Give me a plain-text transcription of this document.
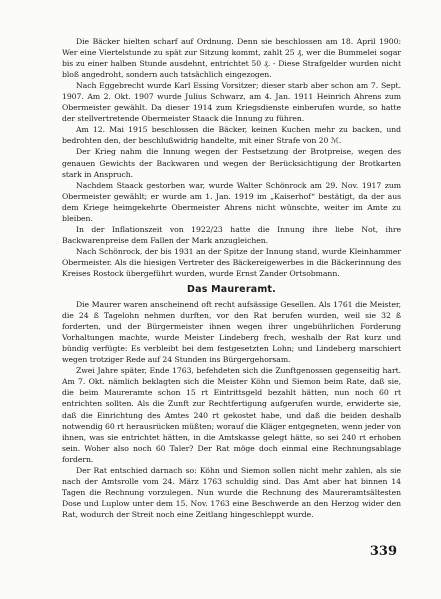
Die Bäcker hielten scharf auf Ordnung. Denn sie beschlossen am 18. April 1900: Wer eine Viertelstunde zu spät zur Sitzung kommt, zahlt 25 ₰, wer die Bummelei sogar bis zu einer halben Stunde ausdehnt, entrichtet 50 ₰. - Diese Strafgelder wurden nicht bloß angedroht, sondern auch tatsächlich eingezogen.

Nach Eggebrecht wurde Karl Essing Vorsitzer; dieser starb aber schon am 7. Sept. 1907. Am 2. Okt. 1907 wurde Julius Schwarz, am 4. Jan. 1911 Heinrich Ahrens zum Obermeister gewählt. Da dieser 1914 zum Kriegsdienste einberufen wurde, so hatte der stellvertretende Obermeister Staack die Innung zu führen.

Am 12. Mai 1915 beschlossen die Bäcker, keinen Kuchen mehr zu backen, und bedrohten den, der beschlußwidrig handelte, mit einer Strafe von 20 ℳ.

Der Krieg nahm die Innung wegen der Festsetzung der Brotpreise, wegen des genauen Gewichts der Backwaren und wegen der Berücksichtigung der Brotkarten stark in Anspruch.

Nachdem Staack gestorben war, wurde Walter Schönrock am 29. Nov. 1917 zum Obermeister gewählt; er wurde am 1. Jan. 1919 im „Kaiserhof“ bestätigt, da der aus dem Kriege heimgekehrte Obermeister Ahrens nicht wünschte, weiter im Amte zu bleiben.

In der Inflationszeit von 1922/23 hatte die Innung ihre liebe Not, ihre Backwarenpreise dem Fallen der Mark anzugleichen.

Nach Schönrock, der bis 1931 an der Spitze der Innung stand, wurde Kleinhammer Obermeister. Als die hiesigen Vertreter des Bäckereigewerbes in die Bäckerinnung des Kreises Rostock übergeführt wurden, wurde Ernst Zander Ortsobmann.

Das Maureramt.

Die Maurer waren anscheinend oft recht aufsässige Gesellen. Als 1761 die Meister, die 24 ß Tagelohn nehmen durften, vor den Rat berufen wurden, weil sie 32 ß forderten, und der Bürgermeister ihnen wegen ihrer ungebührlichen Forderung Vorhaltungen machte, wurde Meister Lindeberg frech, weshalb der Rat kurz und bündig verfügte: Es verbleibt bei dem festgesetzten Lohn; und Lindeberg marschiert wegen trotziger Rede auf 24 Stunden ins Bürgergehorsam.

Zwei Jahre später, Ende 1763, befehdeten sich die Zunftgenossen gegenseitig hart. Am 7. Okt. nämlich beklagten sich die Meister Köhn und Siemon beim Rate, daß sie, die beim Maureramte schon 15 rt Eintrittsgeld bezahlt hätten, nun noch 60 rt entrichten sollten. Als die Zunft zur Rechtfertigung aufgerufen wurde, erwiderte sie, daß die Einrichtung des Amtes 240 rt gekostet habe, und daß die beiden deshalb notwendig 60 rt herausrücken müßten; worauf die Kläger entgegneten, wenn jeder von ihnen, was sie entrichtet hätten, in die Amtskasse gelegt hätte, so sei 240 rt erhoben sein. Woher also noch 60 Taler? Der Rat möge doch einmal eine Rechnungsablage fordern.

Der Rat entschied darnach so: Köhn und Siemon sollen nicht mehr zahlen, als sie nach der Amtsrolle vom 24. März 1763 schuldig sind. Das Amt aber hat binnen 14 Tagen die Rechnung vorzulegen. Nun wurde die Rechnung des Maureramtsältesten Dose und Luplow unter dem 15. Nov. 1763 eine Beschwerde an den Herzog wider den Rat, wodurch der Streit noch eine Zeitlang hingeschleppt wurde.

339
